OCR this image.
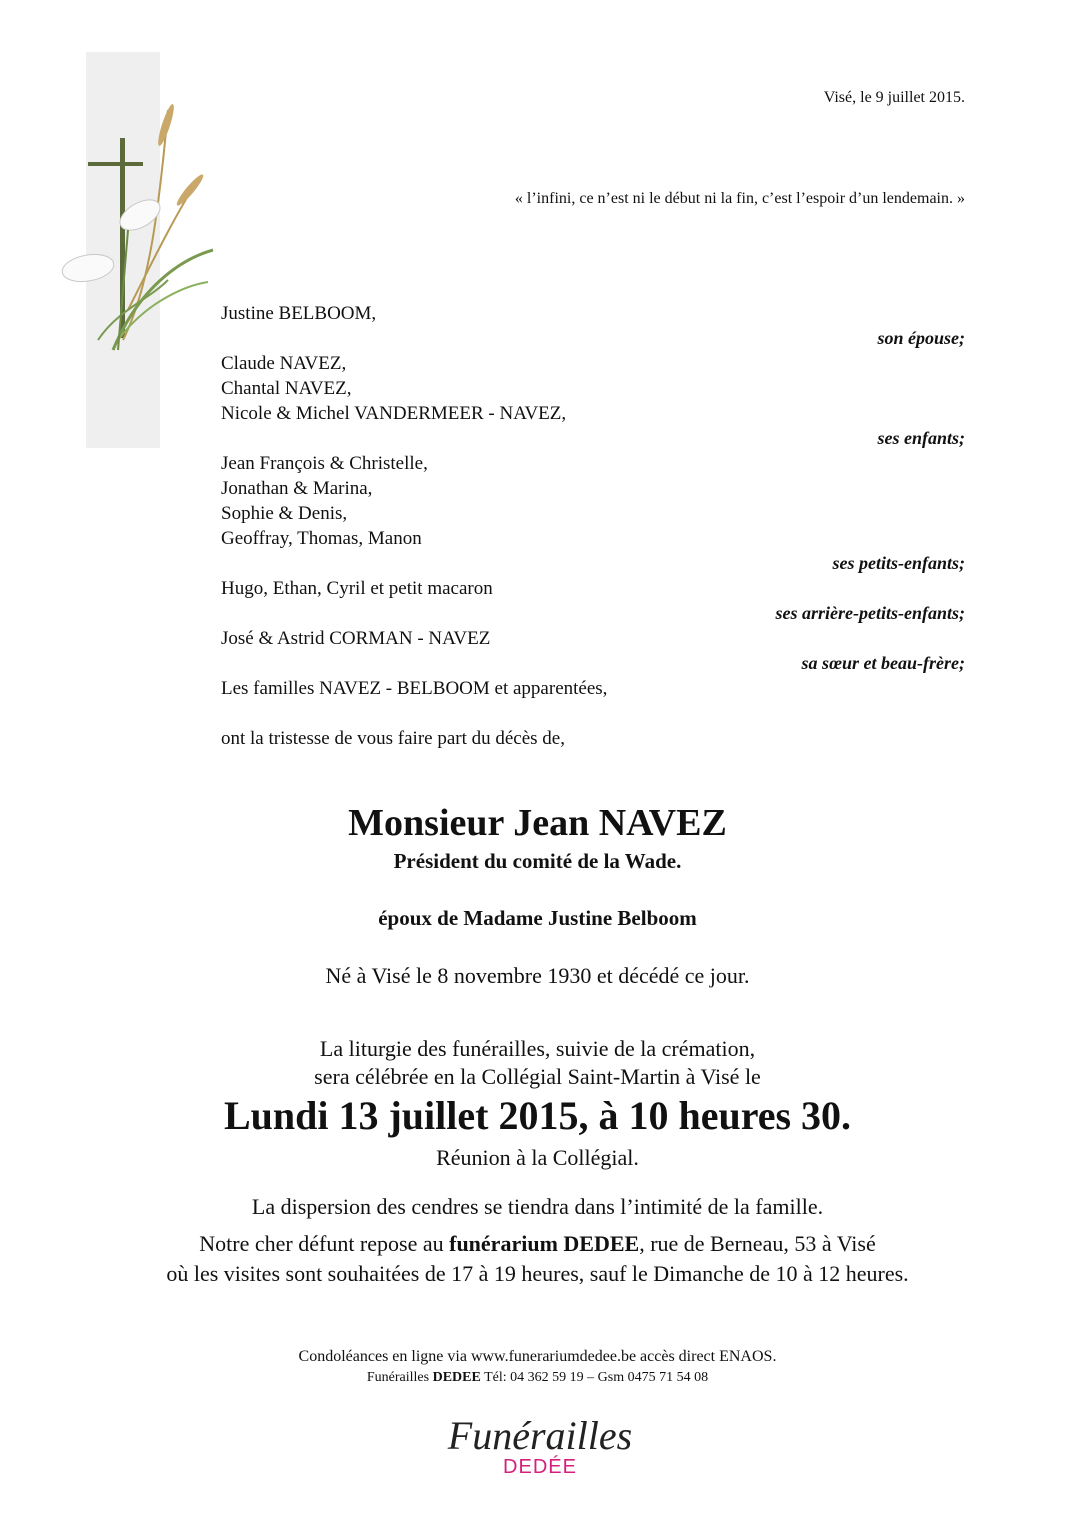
Visé, le 9 juillet 2015.
« l’infini, ce n’est ni le début ni la fin, c’est l’espoir d’un lendemain. »
Justine BELBOOM,
son épouse;
Claude NAVEZ,
Chantal NAVEZ,
Nicole & Michel VANDERMEER - NAVEZ,
ses enfants;
Jean François & Christelle,
Jonathan & Marina,
Sophie & Denis,
Geoffray, Thomas, Manon
ses petits-enfants;
Hugo, Ethan, Cyril et petit macaron
ses arrière-petits-enfants;
José & Astrid CORMAN - NAVEZ
sa sœur et beau-frère;
Les familles NAVEZ - BELBOOM et apparentées,
ont la tristesse de vous faire part du décès de,
Monsieur Jean NAVEZ
Président du comité de la Wade.
époux de Madame Justine Belboom
Né à Visé le 8 novembre 1930 et décédé ce jour.
La liturgie des funérailles, suivie de la crémation,
sera célébrée en la Collégial Saint-Martin à Visé le
Lundi 13 juillet 2015, à 10 heures 30.
Réunion à la Collégial.
La dispersion des cendres se tiendra dans l’intimité de la famille.
Notre cher défunt repose au funérarium DEDEE, rue de Berneau, 53 à Visé
où les visites sont souhaitées de 17 à 19 heures, sauf le Dimanche de 10 à 12 heures.
Condoléances en ligne via www.funerariumdedee.be accès direct ENAOS.
Funérailles DEDEE Tél: 04 362 59 19 – Gsm 0475 71 54 08
Funérailles
DEDÉE
